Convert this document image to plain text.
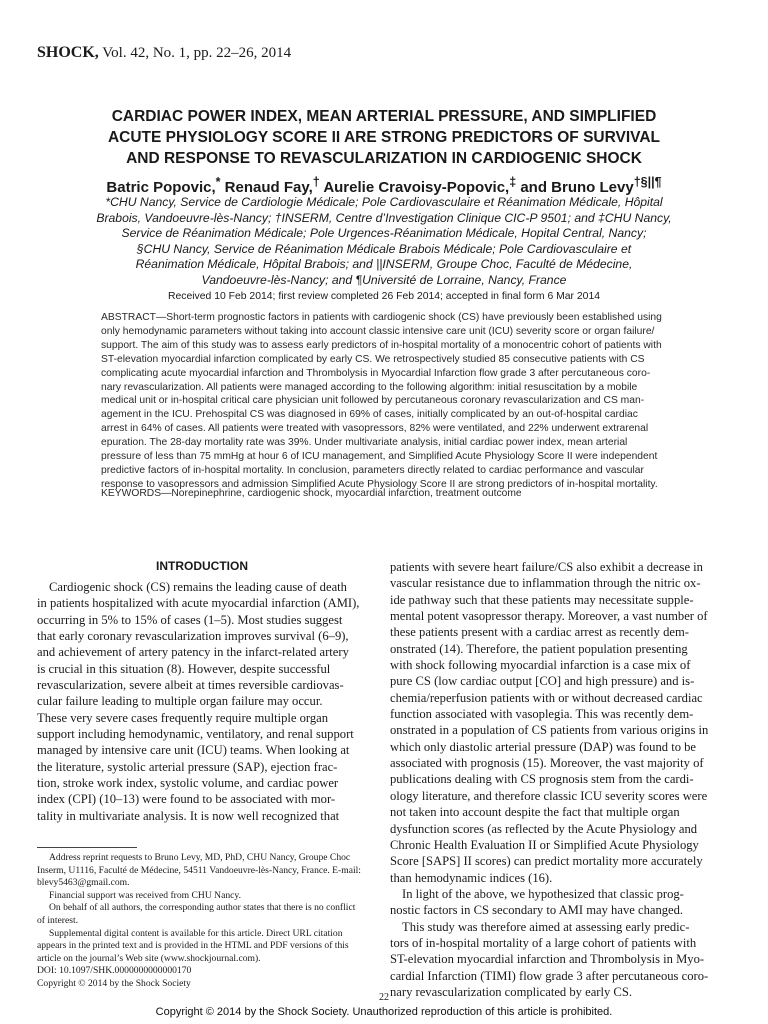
SHOCK, Vol. 42, No. 1, pp. 22–26, 2014
CARDIAC POWER INDEX, MEAN ARTERIAL PRESSURE, AND SIMPLIFIED
ACUTE PHYSIOLOGY SCORE II ARE STRONG PREDICTORS OF SURVIVAL
AND RESPONSE TO REVASCULARIZATION IN CARDIOGENIC SHOCK
Batric Popovic,* Renaud Fay,† Aurelie Cravoisy-Popovic,‡ and Bruno Levy†§||¶
*CHU Nancy, Service de Cardiologie Médicale; Pole Cardiovasculaire et Réanimation Médicale, Hôpital
Brabois, Vandoeuvre-lès-Nancy; †INSERM, Centre d’Investigation Clinique CIC-P 9501; and ‡CHU Nancy,
Service de Réanimation Médicale; Pole Urgences-Réanimation Médicale, Hopital Central, Nancy;
§CHU Nancy, Service de Réanimation Médicale Brabois Médicale; Pole Cardiovasculaire et
Réanimation Médicale, Hôpital Brabois; and ||INSERM, Groupe Choc, Faculté de Médecine,
Vandoeuvre-lès-Nancy; and ¶Université de Lorraine, Nancy, France
Received 10 Feb 2014; first review completed 26 Feb 2014; accepted in final form 6 Mar 2014
ABSTRACT—Short-term prognostic factors in patients with cardiogenic shock (CS) have previously been established using
only hemodynamic parameters without taking into account classic intensive care unit (ICU) severity score or organ failure/
support. The aim of this study was to assess early predictors of in-hospital mortality of a monocentric cohort of patients with
ST-elevation myocardial infarction complicated by early CS. We retrospectively studied 85 consecutive patients with CS
complicating acute myocardial infarction and Thrombolysis in Myocardial Infarction flow grade 3 after percutaneous coro-
nary revascularization. All patients were managed according to the following algorithm: initial resuscitation by a mobile
medical unit or in-hospital critical care physician unit followed by percutaneous coronary revascularization and CS man-
agement in the ICU. Prehospital CS was diagnosed in 69% of cases, initially complicated by an out-of-hospital cardiac
arrest in 64% of cases. All patients were treated with vasopressors, 82% were ventilated, and 22% underwent extrarenal
epuration. The 28-day mortality rate was 39%. Under multivariate analysis, initial cardiac power index, mean arterial
pressure of less than 75 mmHg at hour 6 of ICU management, and Simplified Acute Physiology Score II were independent
predictive factors of in-hospital mortality. In conclusion, parameters directly related to cardiac performance and vascular
response to vasopressors and admission Simplified Acute Physiology Score II are strong predictors of in-hospital mortality.
KEYWORDS—Norepinephrine, cardiogenic shock, myocardial infarction, treatment outcome
INTRODUCTION
Cardiogenic shock (CS) remains the leading cause of death
in patients hospitalized with acute myocardial infarction (AMI),
occurring in 5% to 15% of cases (1–5). Most studies suggest
that early coronary revascularization improves survival (6–9),
and achievement of artery patency in the infarct-related artery
is crucial in this situation (8). However, despite successful
revascularization, severe albeit at times reversible cardiovas-
cular failure leading to multiple organ failure may occur.
These very severe cases frequently require multiple organ
support including hemodynamic, ventilatory, and renal support
managed by intensive care unit (ICU) teams. When looking at
the literature, systolic arterial pressure (SAP), ejection frac-
tion, stroke work index, systolic volume, and cardiac power
index (CPI) (10–13) were found to be associated with mor-
tality in multivariate analysis. It is now well recognized that
patients with severe heart failure/CS also exhibit a decrease in
vascular resistance due to inflammation through the nitric ox-
ide pathway such that these patients may necessitate supple-
mental potent vasopressor therapy. Moreover, a vast number of
these patients present with a cardiac arrest as recently dem-
onstrated (14). Therefore, the patient population presenting
with shock following myocardial infarction is a case mix of
pure CS (low cardiac output [CO] and high pressure) and is-
chemia/reperfusion patients with or without decreased cardiac
function associated with vasoplegia. This was recently dem-
onstrated in a population of CS patients from various origins in
which only diastolic arterial pressure (DAP) was found to be
associated with prognosis (15). Moreover, the vast majority of
publications dealing with CS prognosis stem from the cardi-
ology literature, and therefore classic ICU severity scores were
not taken into account despite the fact that multiple organ
dysfunction scores (as reflected by the Acute Physiology and
Chronic Health Evaluation II or Simplified Acute Physiology
Score [SAPS] II scores) can predict mortality more accurately
than hemodynamic indices (16).
In light of the above, we hypothesized that classic prog-
nostic factors in CS secondary to AMI may have changed.
This study was therefore aimed at assessing early predic-
tors of in-hospital mortality of a large cohort of patients with
ST-elevation myocardial infarction and Thrombolysis in Myo-
cardial Infarction (TIMI) flow grade 3 after percutaneous coro-
nary revascularization complicated by early CS.
Address reprint requests to Bruno Levy, MD, PhD, CHU Nancy, Groupe Choc
Inserm, U1116, Faculté de Médecine, 54511 Vandoeuvre-lès-Nancy, France. E-mail:
blevy5463@gmail.com.
Financial support was received from CHU Nancy.
On behalf of all authors, the corresponding author states that there is no conflict
of interest.
Supplemental digital content is available for this article. Direct URL citation
appears in the printed text and is provided in the HTML and PDF versions of this
article on the journal’s Web site (www.shockjournal.com).
DOI: 10.1097/SHK.0000000000000170
Copyright © 2014 by the Shock Society
22
Copyright © 2014 by the Shock Society. Unauthorized reproduction of this article is prohibited.
